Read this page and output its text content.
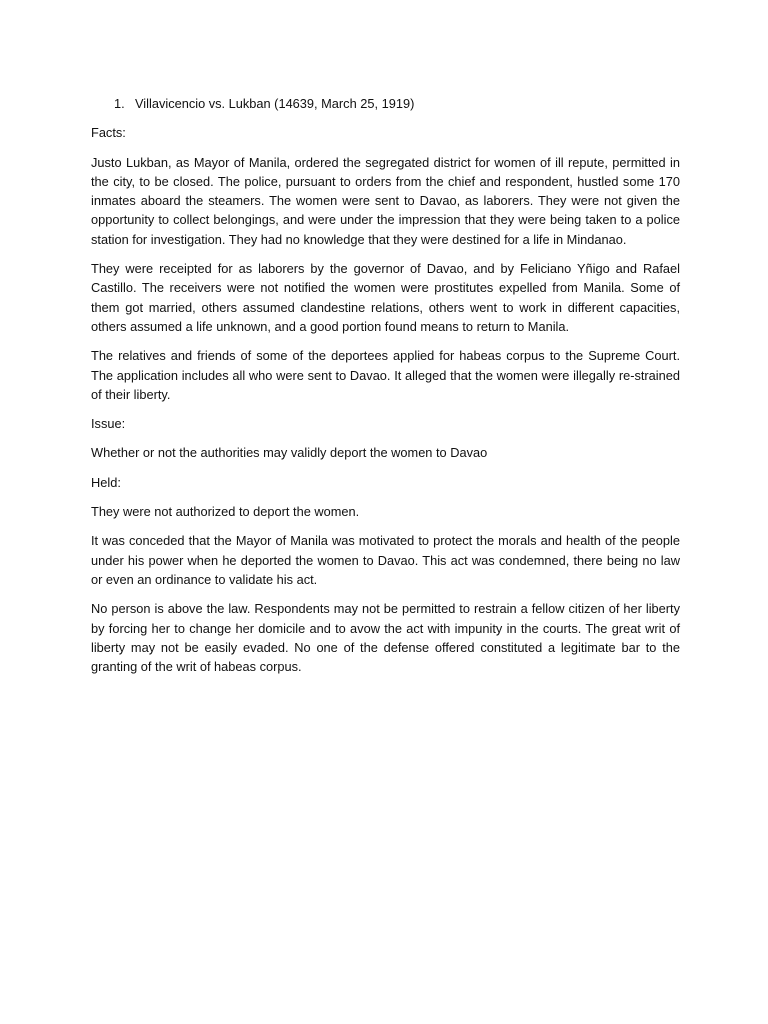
1. Villavicencio vs. Lukban (14639, March 25, 1919)

Facts:

Justo Lukban, as Mayor of Manila, ordered the segregated district for women of ill repute, permitted in the city, to be closed. The police, pursuant to orders from the chief and respondent, hustled some 170 inmates aboard the steamers. The women were sent to Davao, as laborers. They were not given the opportunity to collect belongings, and were under the impression that they were being taken to a police station for investigation. They had no knowledge that they were destined for a life in Mindanao.

They were receipted for as laborers by the governor of Davao, and by Feliciano Yñigo and Rafael Castillo. The receivers were not notified the women were prostitutes expelled from Manila. Some of them got married, others assumed clandestine relations, others went to work in different capacities, others assumed a life unknown, and a good portion found means to return to Manila.

The relatives and friends of some of the deportees applied for habeas corpus to the Supreme Court. The application includes all who were sent to Davao. It alleged that the women were illegally re-strained of their liberty.

Issue:

Whether or not the authorities may validly deport the women to Davao

Held:

They were not authorized to deport the women.

It was conceded that the Mayor of Manila was motivated to protect the morals and health of the people under his power when he deported the women to Davao. This act was condemned, there being no law or even an ordinance to validate his act.

No person is above the law. Respondents may not be permitted to restrain a fellow citizen of her liberty by forcing her to change her domicile and to avow the act with impunity in the courts. The great writ of liberty may not be easily evaded. No one of the defense offered constituted a legitimate bar to the granting of the writ of habeas corpus.
